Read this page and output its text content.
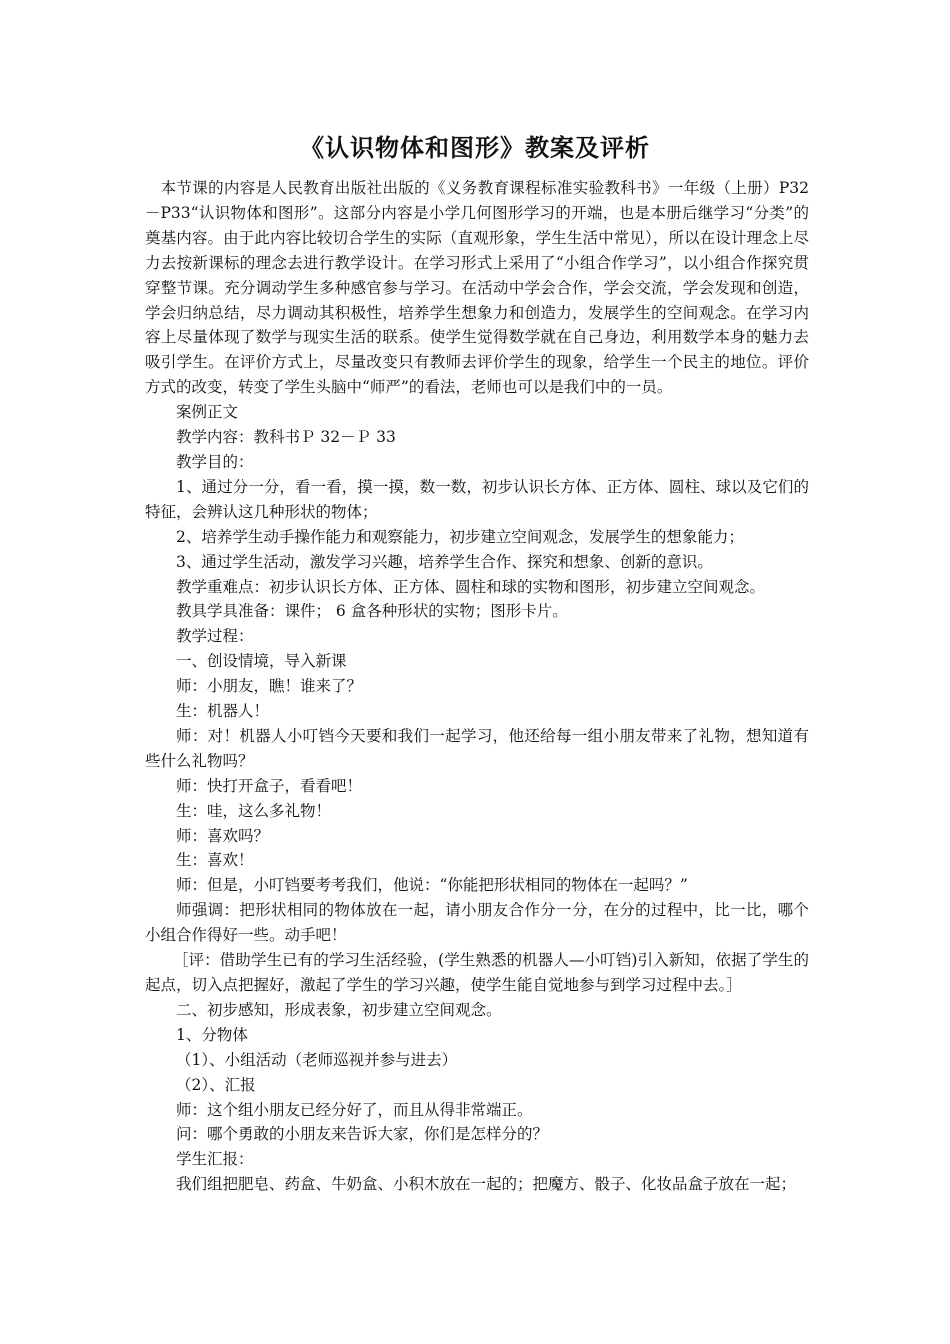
《认识物体和图形》教案及评析

本节课的内容是人民教育出版社出版的《义务教育课程标准实验教科书》一年级（上册）P32－P33“认识物体和图形”。这部分内容是小学几何图形学习的开端，也是本册后继学习“分类”的奠基内容。由于此内容比较切合学生的实际（直观形象，学生生活中常见），所以在设计理念上尽力去按新课标的理念去进行教学设计。在学习形式上采用了“小组合作学习”，以小组合作探究贯穿整节课。充分调动学生多种感官参与学习。在活动中学会合作，学会交流，学会发现和创造，学会归纳总结，尽力调动其积极性，培养学生想象力和创造力，发展学生的空间观念。在学习内容上尽量体现了数学与现实生活的联系。使学生觉得数学就在自己身边，利用数学本身的魅力去吸引学生。在评价方式上，尽量改变只有教师去评价学生的现象，给学生一个民主的地位。评价方式的改变，转变了学生头脑中“师严”的看法，老师也可以是我们中的一员。

案例正文

教学内容：教科书Ｐ 32－Ｐ 33

教学目的：

1、通过分一分，看一看，摸一摸，数一数，初步认识长方体、正方体、圆柱、球以及它们的特征，会辨认这几种形状的物体；

2、培养学生动手操作能力和观察能力，初步建立空间观念，发展学生的想象能力；

3、通过学生活动，激发学习兴趣，培养学生合作、探究和想象、创新的意识。

教学重难点：初步认识长方体、正方体、圆柱和球的实物和图形，初步建立空间观念。

教具学具准备：课件； 6 盒各种形状的实物；图形卡片。

教学过程：

一、创设情境，导入新课

师：小朋友，瞧！谁来了？

生：机器人！

师：对！机器人小叮铛今天要和我们一起学习，他还给每一组小朋友带来了礼物，想知道有些什么礼物吗？

师：快打开盒子，看看吧！

生：哇，这么多礼物！

师：喜欢吗？

生：喜欢！

师：但是，小叮铛要考考我们，他说：“你能把形状相同的物体在一起吗？”

师强调：把形状相同的物体放在一起，请小朋友合作分一分，在分的过程中，比一比，哪个小组合作得好一些。动手吧！

［评：借助学生已有的学习生活经验，(学生熟悉的机器人—小叮铛)引入新知，依据了学生的起点，切入点把握好，激起了学生的学习兴趣，使学生能自觉地参与到学习过程中去。］

二、初步感知，形成表象，初步建立空间观念。

1、分物体

（1）、小组活动（老师巡视并参与进去）

（2）、汇报

师：这个组小朋友已经分好了，而且从得非常端正。

问：哪个勇敢的小朋友来告诉大家，你们是怎样分的？

学生汇报：

我们组把肥皂、药盒、牛奶盒、小积木放在一起的；把魔方、骰子、化妆品盒子放在一起；
